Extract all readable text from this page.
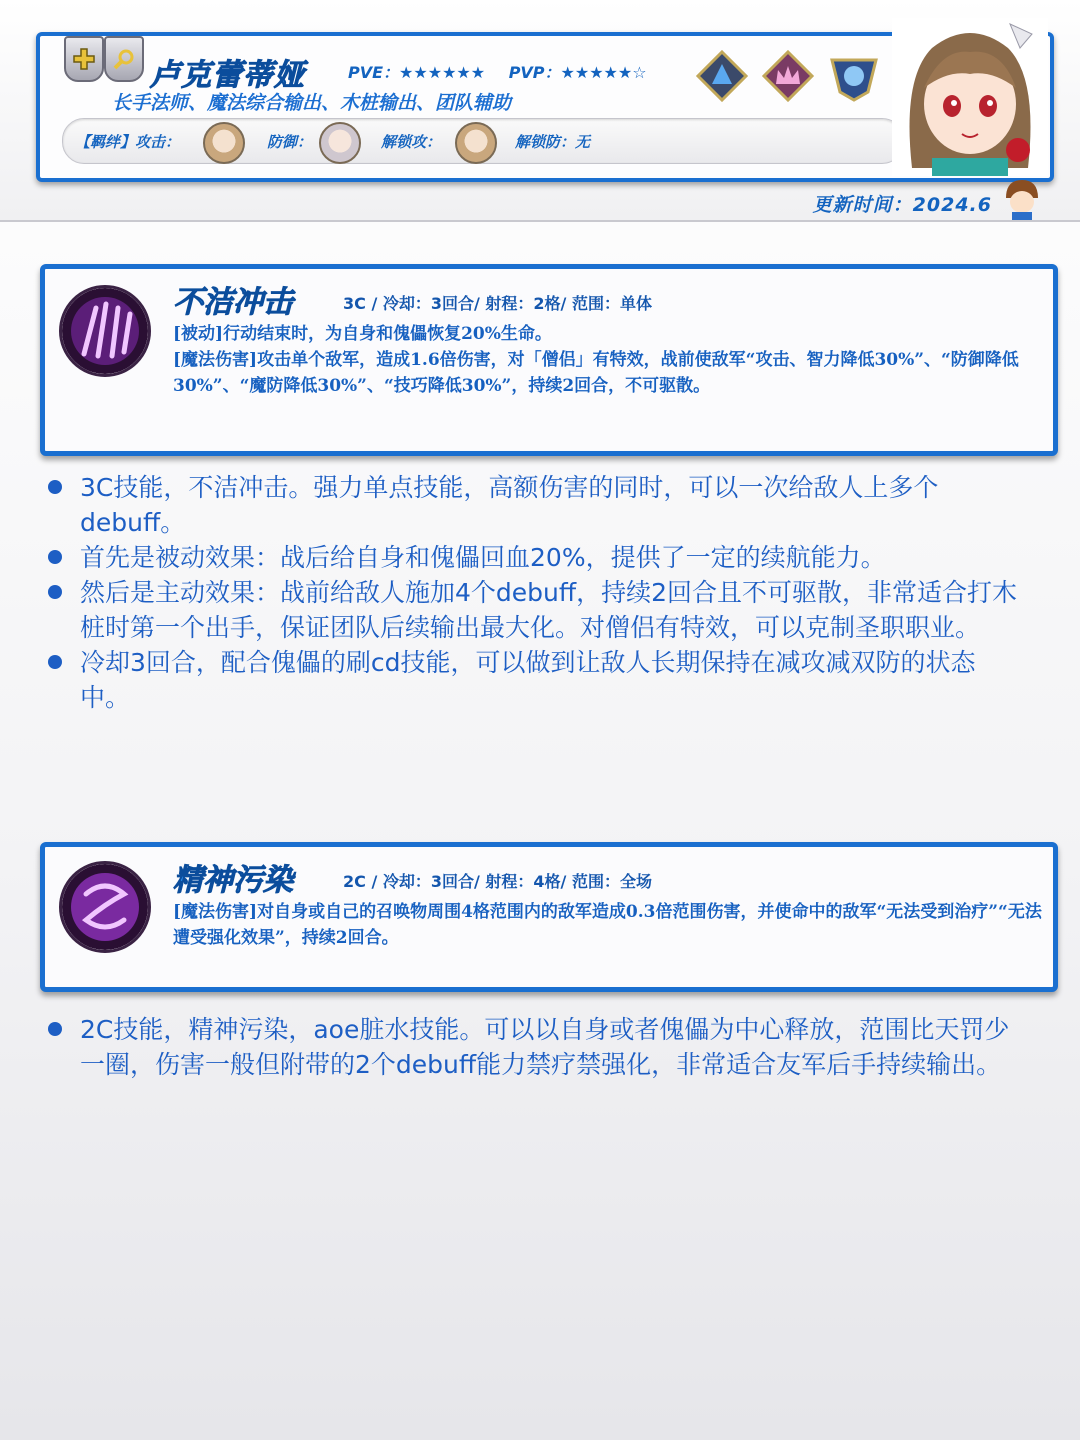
卢克蕾蒂娅	PVE：★★★★★★ PVP：★★★★★☆
长手法师、魔法综合输出、木桩输出、团队辅助
【羁绊】攻击：	防御：	解锁攻：	解锁防：无
更新时间：2024.6
不洁冲击	3C / 冷却：3回合/ 射程：2格/ 范围：单体

[被动]行动结束时，为自身和傀儡恢复20%生命。

[魔法伤害]攻击单个敌军，造成1.6倍伤害，对「僧侣」有特效，战前使敌军“攻击、智力降低30%”、“防御降低30%”、“魔防降低30%”、“技巧降低30%”，持续2回合，不可驱散。

3C技能，不洁冲击。强力单点技能，高额伤害的同时，可以一次给敌人上多个debuff。
首先是被动效果：战后给自身和傀儡回血20%，提供了一定的续航能力。
然后是主动效果：战前给敌人施加4个debuff，持续2回合且不可驱散，非常适合打木桩时第一个出手，保证团队后续输出最大化。对僧侣有特效，可以克制圣职职业。
冷却3回合，配合傀儡的刷cd技能，可以做到让敌人长期保持在减攻减双防的状态中。
精神污染	2C / 冷却：3回合/ 射程：4格/ 范围：全场

[魔法伤害]对自身或自己的召唤物周围4格范围内的敌军造成0.3倍范围伤害，并使命中的敌军“无法受到治疗”“无法遭受强化效果”，持续2回合。

2C技能，精神污染，aoe脏水技能。可以以自身或者傀儡为中心释放，范围比天罚少一圈，伤害一般但附带的2个debuff能力禁疗禁强化，非常适合友军后手持续输出。
